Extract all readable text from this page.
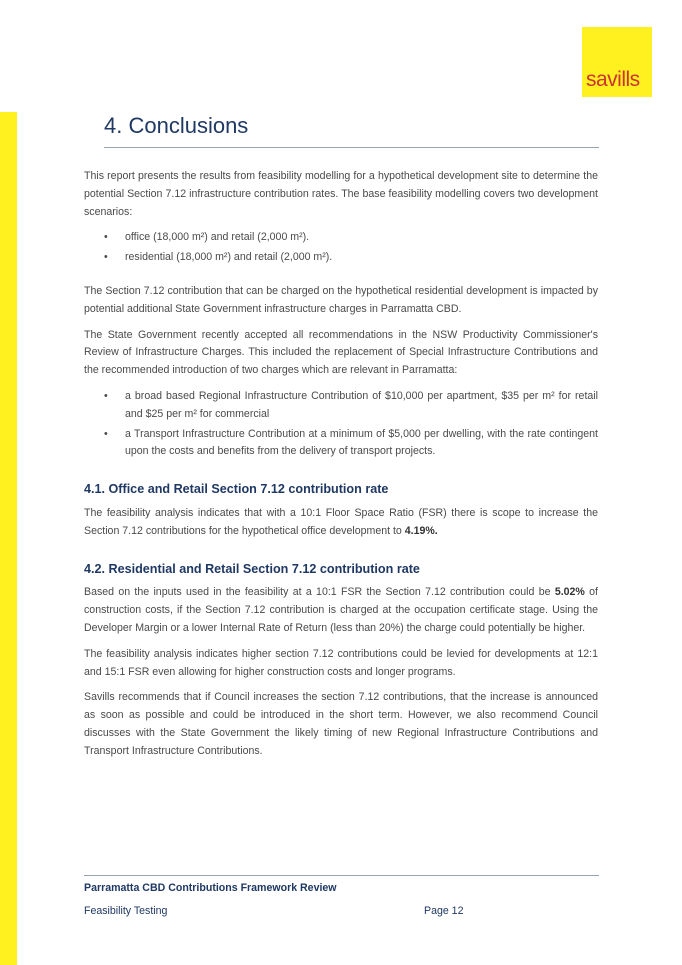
savills
4. Conclusions

This report presents the results from feasibility modelling for a hypothetical development site to determine the potential Section 7.12 infrastructure contribution rates. The base feasibility modelling covers two development scenarios:

• office (18,000 m²) and retail (2,000 m²).
• residential (18,000 m²) and retail (2,000 m²).

The Section 7.12 contribution that can be charged on the hypothetical residential development is impacted by potential additional State Government infrastructure charges in Parramatta CBD.

The State Government recently accepted all recommendations in the NSW Productivity Commissioner's Review of Infrastructure Charges. This included the replacement of Special Infrastructure Contributions and the recommended introduction of two charges which are relevant in Parramatta:

• a broad based Regional Infrastructure Contribution of $10,000 per apartment, $35 per m² for retail and $25 per m² for commercial
• a Transport Infrastructure Contribution at a minimum of $5,000 per dwelling, with the rate contingent upon the costs and benefits from the delivery of transport projects.
4.1. Office and Retail Section 7.12 contribution rate

The feasibility analysis indicates that with a 10:1 Floor Space Ratio (FSR) there is scope to increase the Section 7.12 contributions for the hypothetical office development to 4.19%.

4.2. Residential and Retail Section 7.12 contribution rate

Based on the inputs used in the feasibility at a 10:1 FSR the Section 7.12 contribution could be 5.02% of construction costs, if the Section 7.12 contribution is charged at the occupation certificate stage. Using the Developer Margin or a lower Internal Rate of Return (less than 20%) the charge could potentially be higher.

The feasibility analysis indicates higher section 7.12 contributions could be levied for developments at 12:1 and 15:1 FSR even allowing for higher construction costs and longer programs.

Savills recommends that if Council increases the section 7.12 contributions, that the increase is announced as soon as possible and could be introduced in the short term. However, we also recommend Council discusses with the State Government the likely timing of new Regional Infrastructure Contributions and Transport Infrastructure Contributions.

Parramatta CBD Contributions Framework Review
Feasibility Testing	Page 12
